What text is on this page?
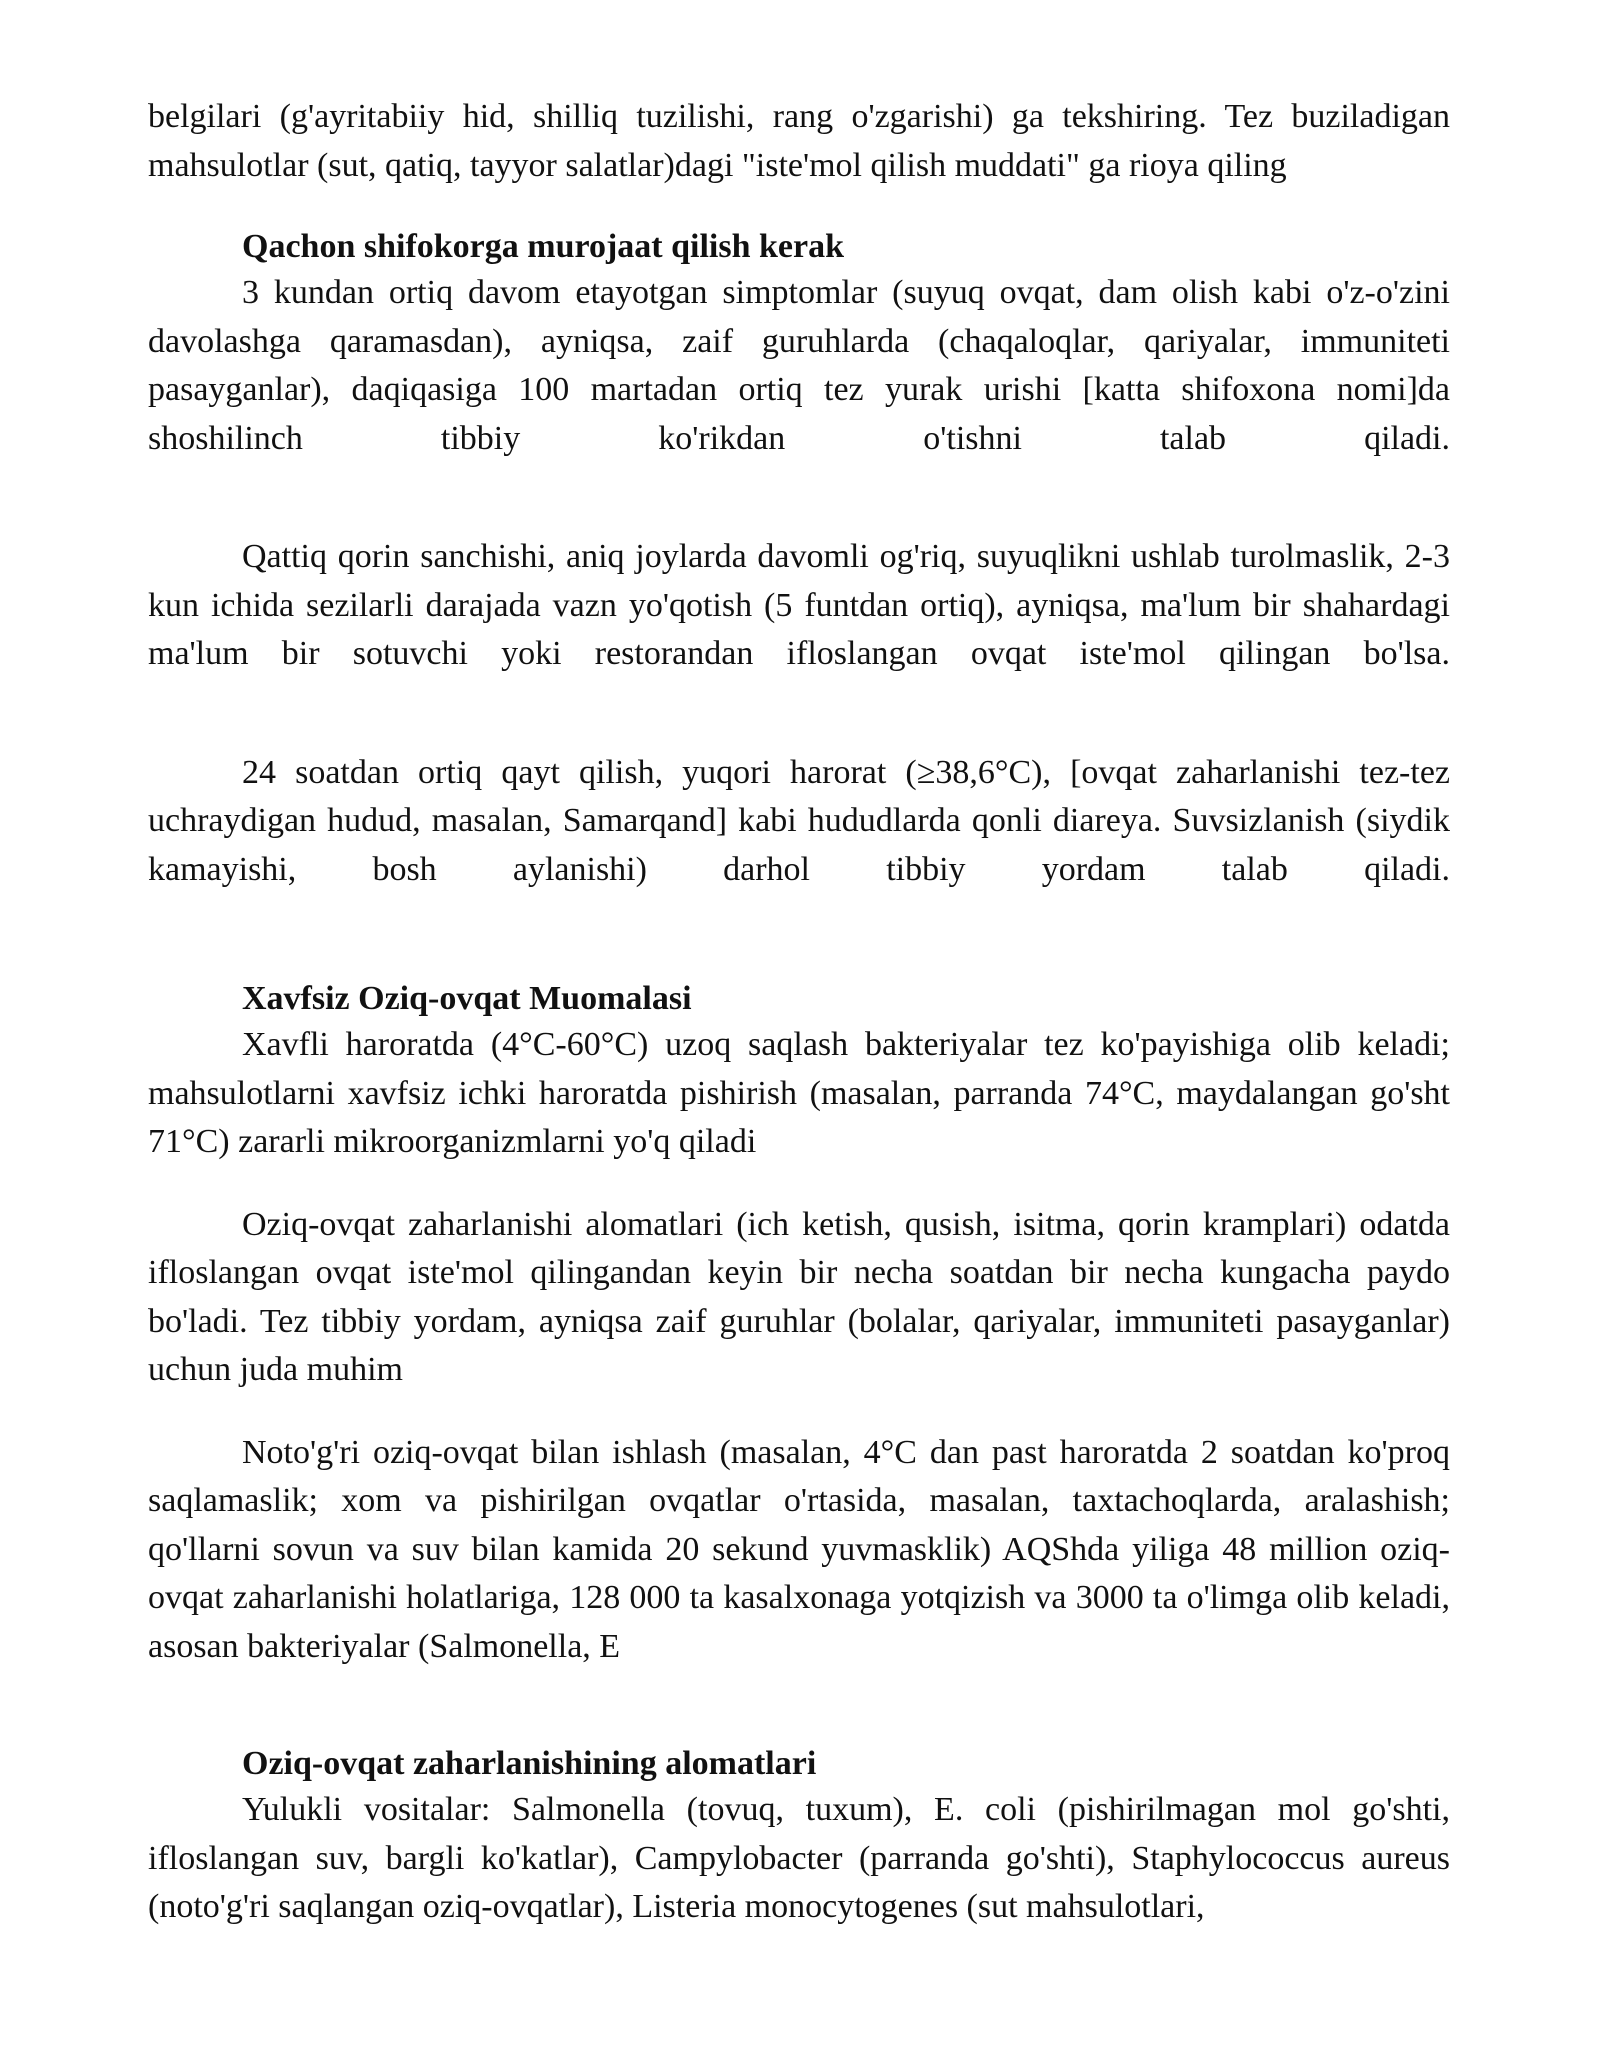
belgilari (g'ayritabiiy hid, shilliq tuzilishi, rang o'zgarishi) ga tekshiring. Tez buziladigan mahsulotlar (sut, qatiq, tayyor salatlar)dagi "iste'mol qilish muddati" ga rioya qiling

Qachon shifokorga murojaat qilish kerak

3 kundan ortiq davom etayotgan simptomlar (suyuq ovqat, dam olish kabi o'z-o'zini davolashga qaramasdan), ayniqsa, zaif guruhlarda (chaqaloqlar, qariyalar, immuniteti pasayganlar), daqiqasiga 100 martadan ortiq tez yurak urishi [katta shifoxona nomi]da shoshilinch tibbiy ko'rikdan o'tishni talab qiladi.

Qattiq qorin sanchishi, aniq joylarda davomli og'riq, suyuqlikni ushlab turolmaslik, 2-3 kun ichida sezilarli darajada vazn yo'qotish (5 funtdan ortiq), ayniqsa, ma'lum bir shahardagi ma'lum bir sotuvchi yoki restorandan ifloslangan ovqat iste'mol qilingan bo'lsa.

24 soatdan ortiq qayt qilish, yuqori harorat (≥38,6°C), [ovqat zaharlanishi tez-tez uchraydigan hudud, masalan, Samarqand] kabi hududlarda qonli diareya. Suvsizlanish (siydik kamayishi, bosh aylanishi) darhol tibbiy yordam talab qiladi.

Xavfsiz Oziq-ovqat Muomalasi

Xavfli haroratda (4°C-60°C) uzoq saqlash bakteriyalar tez ko'payishiga olib keladi; mahsulotlarni xavfsiz ichki haroratda pishirish (masalan, parranda 74°C, maydalangan go'sht 71°C) zararli mikroorganizmlarni yo'q qiladi

Oziq-ovqat zaharlanishi alomatlari (ich ketish, qusish, isitma, qorin kramplari) odatda ifloslangan ovqat iste'mol qilingandan keyin bir necha soatdan bir necha kungacha paydo bo'ladi. Tez tibbiy yordam, ayniqsa zaif guruhlar (bolalar, qariyalar, immuniteti pasayganlar) uchun juda muhim

Noto'g'ri oziq-ovqat bilan ishlash (masalan, 4°C dan past haroratda 2 soatdan ko'proq saqlamaslik; xom va pishirilgan ovqatlar o'rtasida, masalan, taxtachoqlarda, aralashish; qo'llarni sovun va suv bilan kamida 20 sekund yuvmasklik) AQShda yiliga 48 million oziq-ovqat zaharlanishi holatlariga, 128 000 ta kasalxonaga yotqizish va 3000 ta o'limga olib keladi, asosan bakteriyalar (Salmonella, E

Oziq-ovqat zaharlanishining alomatlari

Yulukli vositalar: Salmonella (tovuq, tuxum), E. coli (pishirilmagan mol go'shti, ifloslangan suv, bargli ko'katlar), Campylobacter (parranda go'shti), Staphylococcus aureus (noto'g'ri saqlangan oziq-ovqatlar), Listeria monocytogenes (sut mahsulotlari,
